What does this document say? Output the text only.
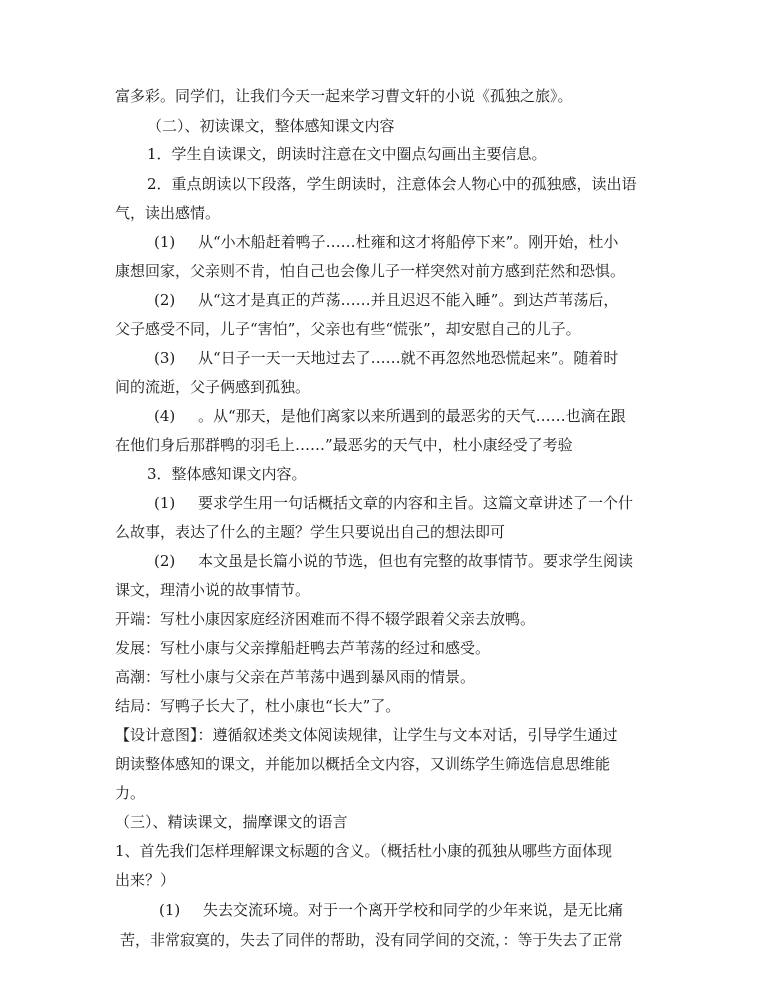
富多彩。同学们，让我们今天一起来学习曹文轩的小说《孤独之旅》。
（二）、初读课文，整体感知课文内容
1．学生自读课文，朗读时注意在文中圈点勾画出主要信息。
2．重点朗读以下段落，学生朗读时，注意体会人物心中的孤独感，读出语
气，读出感情。
(1) 从“小木船赶着鸭子……杜雍和这才将船停下来”。刚开始，杜小
康想回家，父亲则不肯，怕自己也会像儿子一样突然对前方感到茫然和恐惧。
(2) 从“这才是真正的芦荡……并且迟迟不能入睡”。到达芦苇荡后，
父子感受不同，儿子“害怕”，父亲也有些“慌张”，却安慰自己的儿子。
(3) 从“日子一天一天地过去了……就不再忽然地恐慌起来”。随着时
间的流逝，父子俩感到孤独。
(4) 。从“那天，是他们离家以来所遇到的最恶劣的天气……也滴在跟
在他们身后那群鸭的羽毛上……”最恶劣的天气中，杜小康经受了考验
3．整体感知课文内容。
(1) 要求学生用一句话概括文章的内容和主旨。这篇文章讲述了一个什
么故事，表达了什么的主题？学生只要说出自己的想法即可
(2) 本文虽是长篇小说的节选，但也有完整的故事情节。要求学生阅读
课文，理清小说的故事情节。
开端：写杜小康因家庭经济困难而不得不辍学跟着父亲去放鸭。
发展：写杜小康与父亲撑船赶鸭去芦苇荡的经过和感受。
高潮：写杜小康与父亲在芦苇荡中遇到暴风雨的情景。
结局：写鸭子长大了，杜小康也“长大”了。
【设计意图】：遵循叙述类文体阅读规律，让学生与文本对话，引导学生通过
朗读整体感知的课文，并能加以概括全文内容，又训练学生筛选信息思维能
力。
（三）、精读课文，揣摩课文的语言
1、首先我们怎样理解课文标题的含义。（概括杜小康的孤独从哪些方面体现
出来？）
(1) 失去交流环境。对于一个离开学校和同学的少年来说，是无比痛
苦，非常寂寞的，失去了同伴的帮助，没有同学间的交流，：等于失去了正常
